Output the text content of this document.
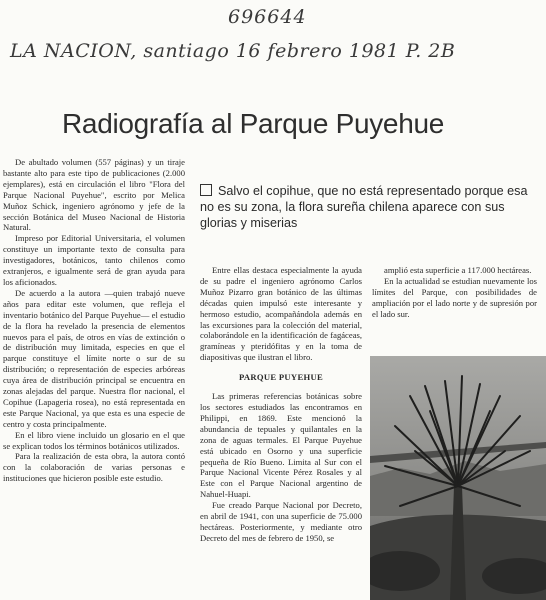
696644
LA NACION, santiago 16 febrero 1981 P. 2B
Radiografía al Parque Puyehue

De abultado volumen (557 páginas) y un tiraje bastante alto para este tipo de publicaciones (2.000 ejemplares), está en circulación el libro "Flora del Parque Nacional Puyehue", escrito por Melica Muñoz Schick, ingeniero agrónomo y jefe de la sección Botánica del Museo Nacional de Historia Natural.

Impreso por Editorial Universitaria, el volumen constituye un importante texto de consulta para investigadores, botánicos, tanto chilenos como extranjeros, e igualmente será de gran ayuda para los aficionados.

De acuerdo a la autora —quien trabajó nueve años para editar este volumen, que refleja el inventario botánico del Parque Puyehue— el estudio de la flora ha revelado la presencia de elementos nuevos para el país, de otros en vías de extinción o de distribución muy limitada, especies en que el parque constituye el límite norte o sur de su distribución; o representación de especies arbóreas cuya área de distribución principal se encuentra en zonas alejadas del parque. Nuestra flor nacional, el Copihue (Lapageria rosea), no está representada en este Parque Nacional, ya que esta es una especie de centro y costa principalmente.

En el libro viene incluido un glosario en el que se explican todos los términos botánicos utilizados.

Para la realización de esta obra, la autora contó con la colaboración de varias personas e instituciones que hicieron posible este estudio.

Salvo el copihue, que no está representado porque esa no es su zona, la flora sureña chilena aparece con sus glorias y miserias

Entre ellas destaca especialmente la ayuda de su padre el ingeniero agrónomo Carlos Muñoz Pizarro gran botánico de las últimas décadas quien impulsó este interesante y hermoso estudio, acompañándola además en las excursiones para la colección del material, colaborándole en la identificación de fagáceas, gramíneas y pteridófitas y en la toma de diapositivas que ilustran el libro.

PARQUE PUYEHUE

Las primeras referencias botánicas sobre los sectores estudiados las encontramos en Philippi, en 1869. Este mencionó la abundancia de tepuales y quilantales en la zona de aguas termales. El Parque Puyehue está ubicado en Osorno y una superficie pequeña de Río Bueno. Limita al Sur con el Parque Nacional Vicente Pérez Rosales y al Este con el Parque Nacional argentino de Nahuel-Huapi.

Fue creado Parque Nacional por Decreto, en abril de 1941, con una superficie de 75.000 hectáreas. Posteriormente, y mediante otro Decreto del mes de febrero de 1950, se

amplió esta superficie a 117.000 hectáreas.

En la actualidad se estudian nuevamente los límites del Parque, con posibilidades de ampliación por el lado norte y de supresión por el lado sur.
